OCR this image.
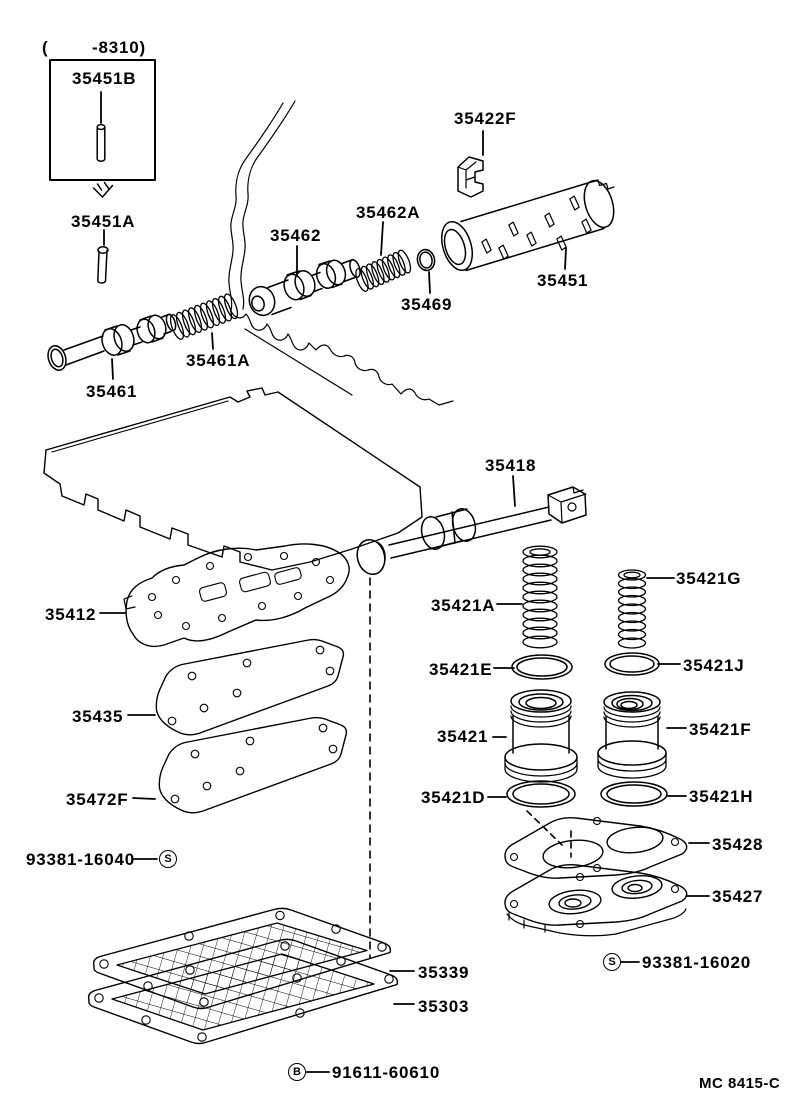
(	-8310)
35451B
35451A
35422F
35462A
35462
35469
35451
35461A
35461
35418
35412	35421A
35421G
35421E	35421J
35421	35421F
35421D	35421H
35435
35472F
93381-16040
35428
35427
93381-16020
35339
35303
91611-60610
MC 8415-C
S
S
B
